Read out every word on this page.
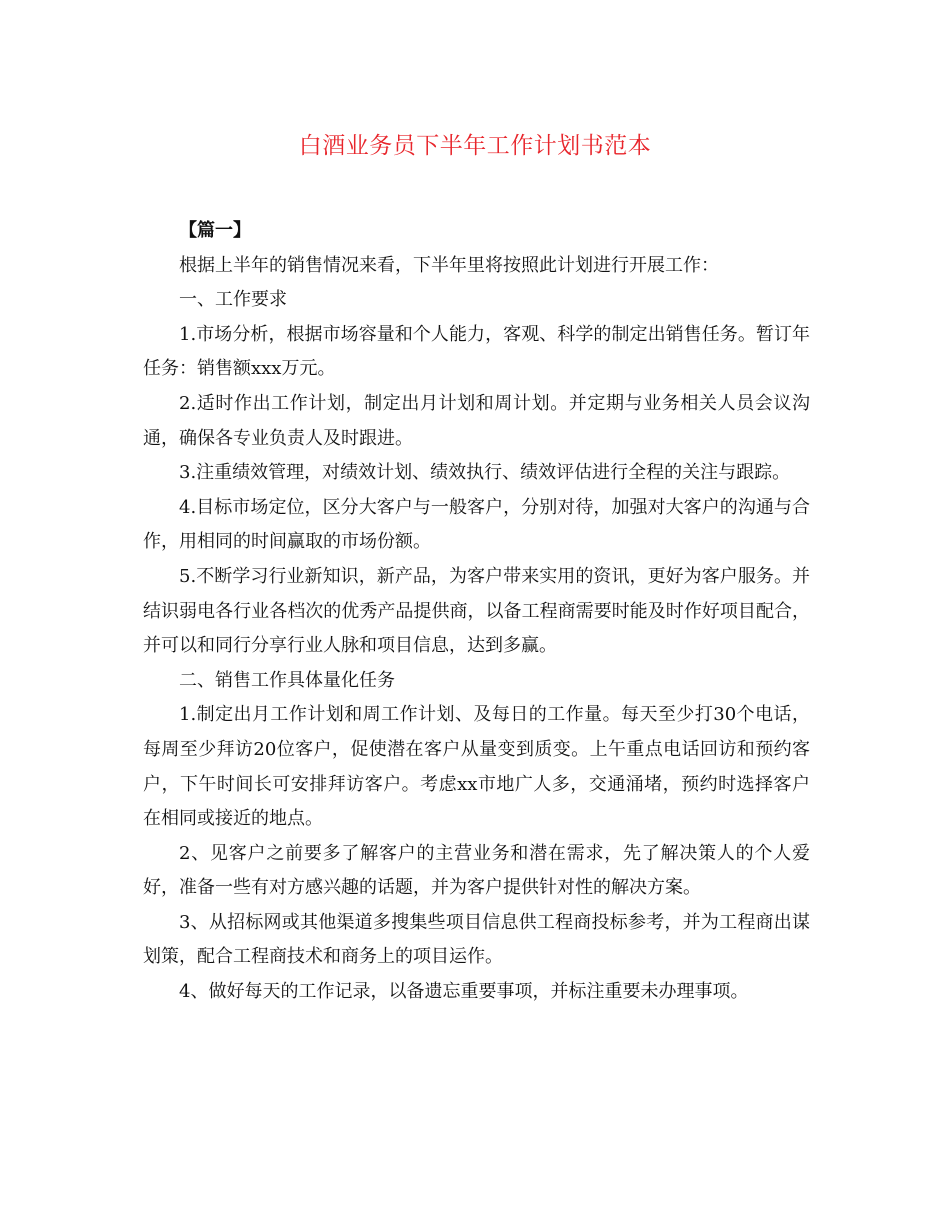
白酒业务员下半年工作计划书范本

【篇一】

根据上半年的销售情况来看，下半年里将按照此计划进行开展工作：

一、工作要求

1.市场分析，根据市场容量和个人能力，客观、科学的制定出销售任务。暂订年任务：销售额xxx万元。

2.适时作出工作计划，制定出月计划和周计划。并定期与业务相关人员会议沟通，确保各专业负责人及时跟进。

3.注重绩效管理，对绩效计划、绩效执行、绩效评估进行全程的关注与跟踪。

4.目标市场定位，区分大客户与一般客户，分别对待，加强对大客户的沟通与合作，用相同的时间赢取的市场份额。

5.不断学习行业新知识，新产品，为客户带来实用的资讯，更好为客户服务。并结识弱电各行业各档次的优秀产品提供商，以备工程商需要时能及时作好项目配合，并可以和同行分享行业人脉和项目信息，达到多赢。

二、销售工作具体量化任务

1.制定出月工作计划和周工作计划、及每日的工作量。每天至少打30个电话，每周至少拜访20位客户，促使潜在客户从量变到质变。上午重点电话回访和预约客户，下午时间长可安排拜访客户。考虑xx市地广人多，交通涌堵，预约时选择客户在相同或接近的地点。

2、见客户之前要多了解客户的主营业务和潜在需求，先了解决策人的个人爱好，准备一些有对方感兴趣的话题，并为客户提供针对性的解决方案。

3、从招标网或其他渠道多搜集些项目信息供工程商投标参考，并为工程商出谋划策，配合工程商技术和商务上的项目运作。

4、做好每天的工作记录，以备遗忘重要事项，并标注重要未办理事项。
